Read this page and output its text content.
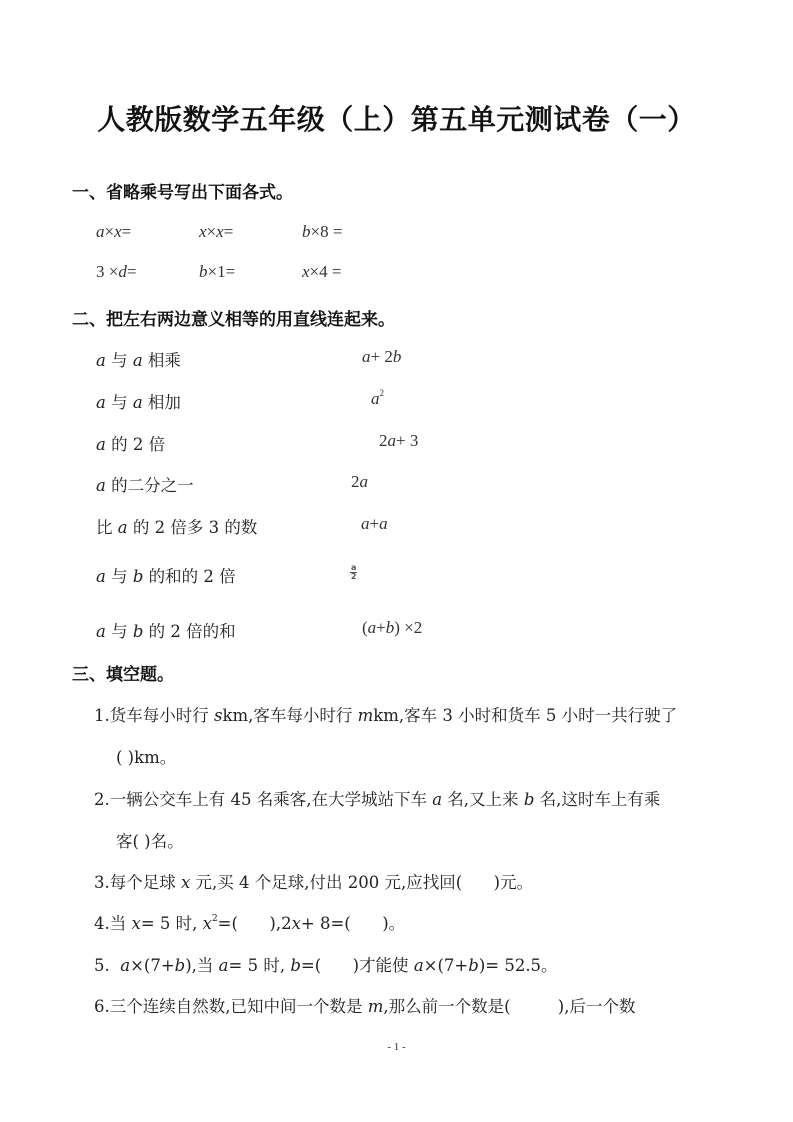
人教版数学五年级（上）第五单元测试卷（一）
一、省略乘号写出下面各式。
a×x=	x×x=	b×8 =
3 ×d=	b×1=	x×4 =
二、把左右两边意义相等的用直线连起来。
a 与 a 相乘
a 与 a 相加
a 的 2 倍
a 的二分之一
比 a 的 2 倍多 3 的数
a 与 b 的和的 2 倍
a 与 b 的 2 倍的和
a+ 2b
$a^2$
2a+ 3
2a
a+a
$\frac{a}{2}$
(a+b) ×2
三、填空题。
1.货车每小时行 skm,客车每小时行 mkm,客车 3 小时和货车 5 小时一共行驶了
( )km。
2.一辆公交车上有 45 名乘客,在大学城站下车 a 名,又上来 b 名,这时车上有乘
客( )名。
3.每个足球 x 元,买 4 个足球,付出 200 元,应找回(      )元。
4.当 x= 5 时, $x^2=$(      ),2x+ 8=(      )。
5.  a×(7+b),当 a= 5 时, b=(      )才能使 a×(7+b)= 52.5。
6.三个连续自然数,已知中间一个数是 m,那么前一个数是(         ),后一个数
- 1 -
